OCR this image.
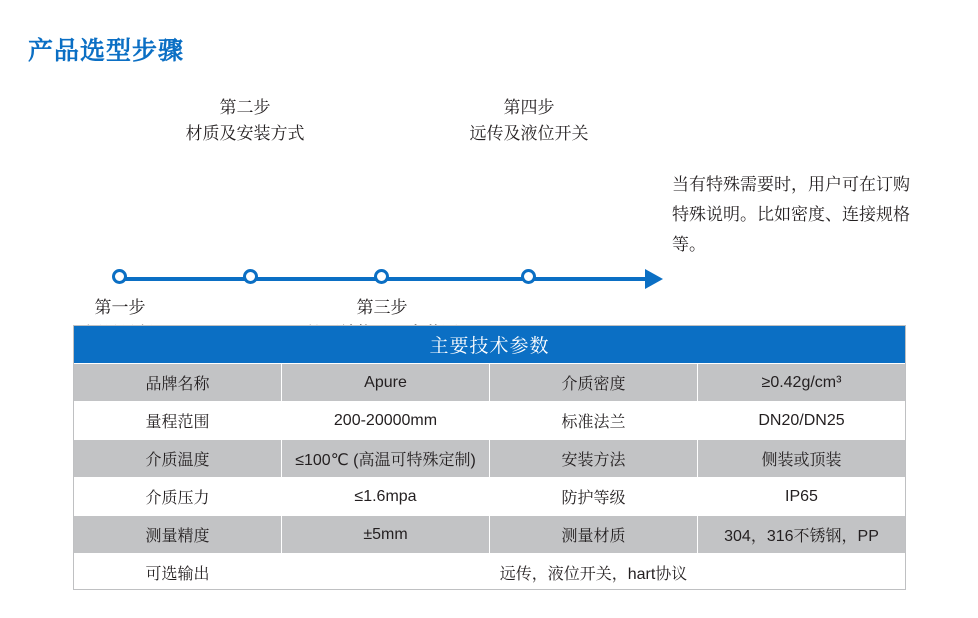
产品选型步骤
第一步
第二步
材质及安装方式
第三步
第四步
远传及液位开关
当有特殊需要时，用户可在订购特殊说明。比如密度、连接规格等。
主要技术参数			
品牌名称	Apure	介质密度	≥0.42g/cm³
量程范围	200-20000mm	标准法兰	DN20/DN25
介质温度	≤100℃ (高温可特殊定制)	安装方法	侧装或顶装
介质压力	≤1.6mpa	防护等级	IP65
测量精度	±5mm	测量材质	304，316不锈钢，PP
可选输出	远传，液位开关，hart协议		
